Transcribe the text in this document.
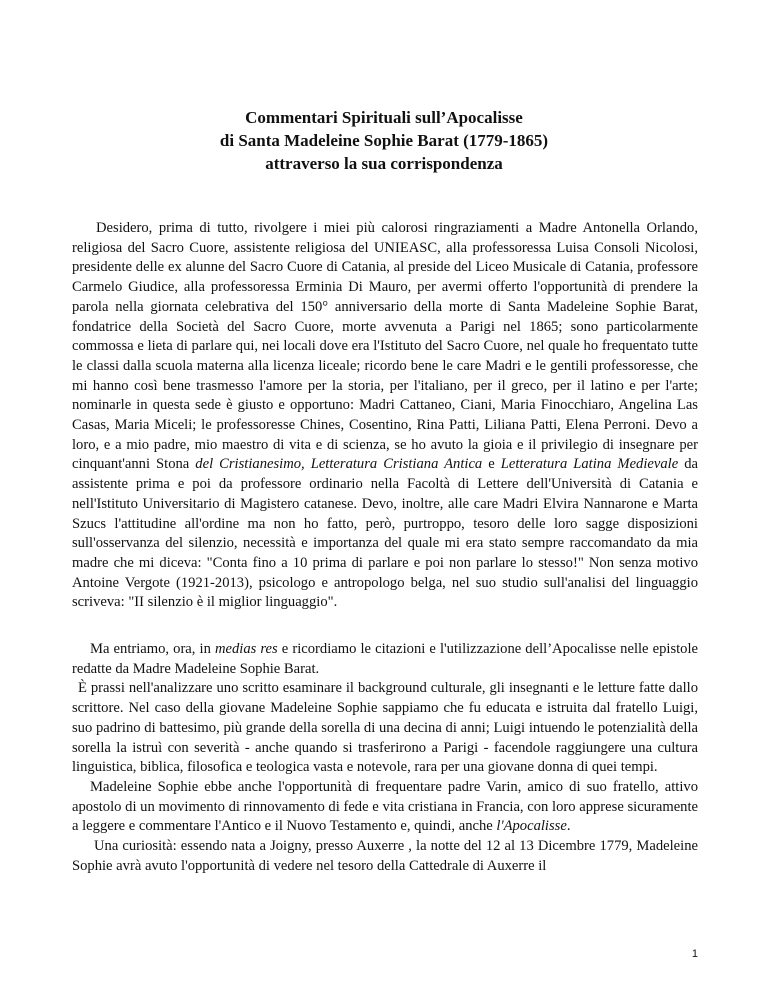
Commentari Spirituali sull’Apocalisse

di Santa Madeleine Sophie Barat (1779-1865)

attraverso la sua corrispondenza

Desidero, prima di tutto, rivolgere i miei più calorosi ringraziamenti a Madre Antonella Orlando, religiosa del Sacro Cuore, assistente religiosa del UNIEASC, alla professoressa Luisa Consoli Nicolosi, presidente delle ex alunne del Sacro Cuore di Catania, al preside del Liceo Musicale di Catania, professore Carmelo Giudice, alla professoressa Erminia Di Mauro, per avermi offerto l'opportunità di prendere la parola nella giornata celebrativa del 150° anniversario della morte di Santa Madeleine Sophie Barat, fondatrice della Società del Sacro Cuore, morte avvenuta a Parigi nel 1865; sono particolarmente commossa e lieta di parlare qui, nei locali dove era l'Istituto del Sacro Cuore, nel quale ho frequentato tutte le classi dalla scuola materna alla licenza liceale; ricordo bene le care Madri e le gentili professoresse, che mi hanno così bene trasmesso l'amore per la storia, per l'italiano, per il greco, per il latino e per l'arte; nominarle in questa sede è giusto e opportuno: Madri Cattaneo, Ciani, Maria Finocchiaro, Angelina Las Casas, Maria Miceli; le professoresse Chines, Cosentino, Rina Patti, Liliana Patti, Elena Perroni. Devo a loro, e a mio padre, mio maestro di vita e di scienza, se ho avuto la gioia e il privilegio di insegnare per cinquant'anni Stona del Cristianesimo, Letteratura Cristiana Antica e Letteratura Latina Medievale da assistente prima e poi da professore ordinario nella Facoltà di Lettere dell'Università di Catania e nell'Istituto Universitario di Magistero catanese. Devo, inoltre, alle care Madri Elvira Nannarone e Marta Szucs l'attitudine all'ordine ma non ho fatto, però, purtroppo, tesoro delle loro sagge disposizioni sull'osservanza del silenzio, necessità e importanza del quale mi era stato sempre raccomandato da mia madre che mi diceva: "Conta fino a 10 prima di parlare e poi non parlare lo stesso!" Non senza motivo Antoine Vergote (1921-2013), psicologo e antropologo belga, nel suo studio sull'analisi del linguaggio scriveva: "II silenzio è il miglior linguaggio".

Ma entriamo, ora, in medias res e ricordiamo le citazioni e l'utilizzazione dell’Apocalisse nelle epistole redatte da Madre Madeleine Sophie Barat.

È prassi nell'analizzare uno scritto esaminare il background culturale, gli insegnanti e le letture fatte dallo scrittore. Nel caso della giovane Madeleine Sophie sappiamo che fu educata e istruita dal fratello Luigi, suo padrino di battesimo, più grande della sorella di una decina di anni; Luigi intuendo le potenzialità della sorella la istruì con severità - anche quando si trasferirono a Parigi - facendole raggiungere una cultura linguistica, biblica, filosofica e teologica vasta e notevole, rara per una giovane donna di quei tempi.

Madeleine Sophie ebbe anche l'opportunità di frequentare padre Varin, amico di suo fratello, attivo apostolo di un movimento di rinnovamento di fede e vita cristiana in Francia, con loro apprese sicuramente a leggere e commentare l'Antico e il Nuovo Testamento e, quindi, anche l'Apocalisse.

Una curiosità: essendo nata a Joigny, presso Auxerre , la notte del 12 al 13 Dicembre 1779, Madeleine Sophie avrà avuto l'opportunità di vedere nel tesoro della Cattedrale di Auxerre il

1
